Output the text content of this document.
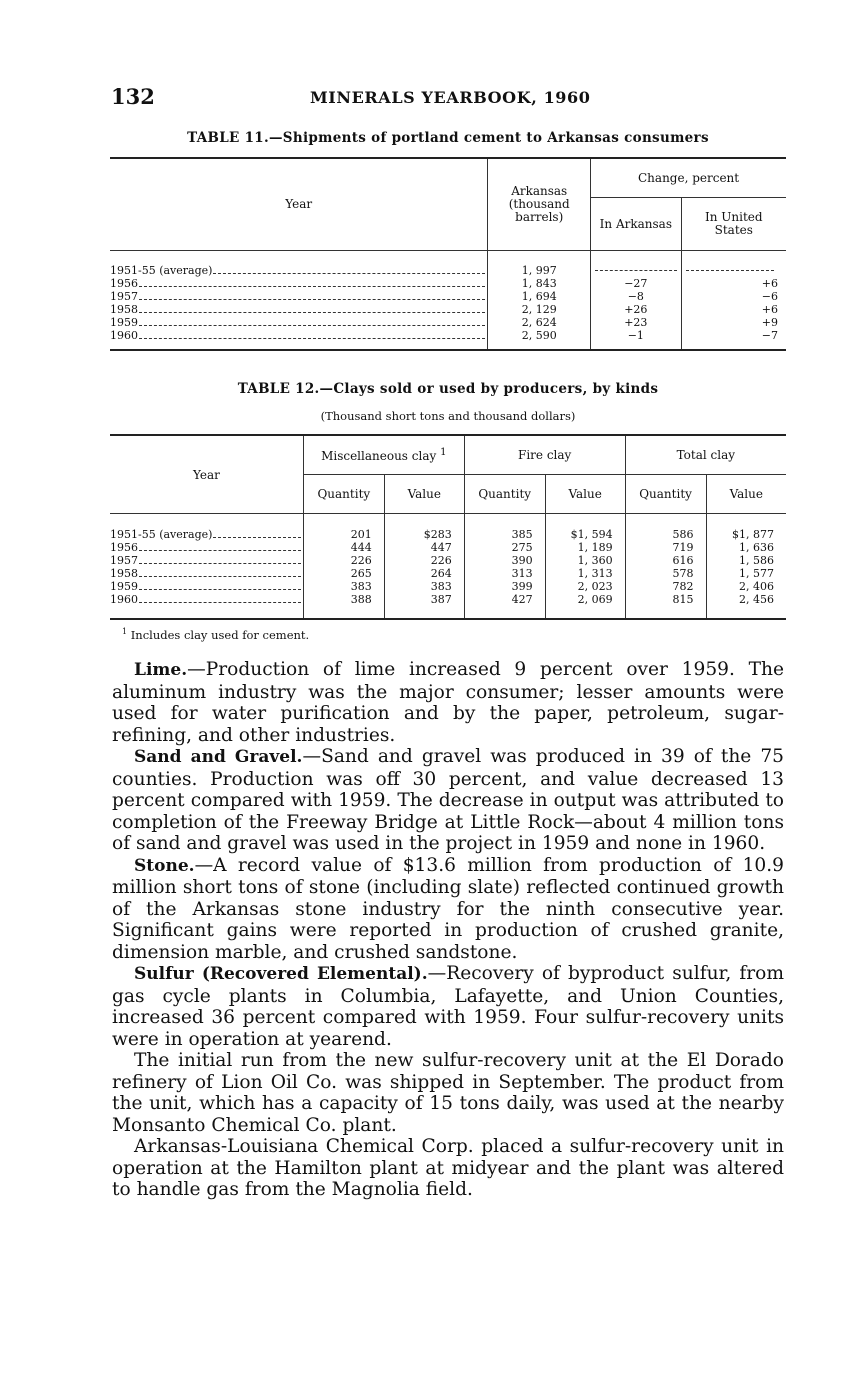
132	MINERALS YEARBOOK, 1960
TABLE 11.—Shipments of portland cement to Arkansas consumers
Year	Arkansas (thousand barrels)	Change, percent	
		In Arkansas	In United States

1951-55 (average)	1, 997	

1956	1, 843	−27	+6

1957	1, 694	−8	−6

1958	2, 129	+26	+6

1959	2, 624	+23	+9

1960	2, 590	−1	−7
TABLE 12.—Clays sold or used by producers, by kinds
(Thousand short tons and thousand dollars)
Year	Miscellaneous clay $^1$		Fire clay		Total clay	
	Quantity	Value	Quantity	Value	Quantity	Value

1951-55 (average)	201	$283	385	$1, 594	586	$1, 877

1956	444	447	275	1, 189	719	1, 636

1957	226	226	390	1, 360	616	1, 586

1958	265	264	313	1, 313	578	1, 577

1959	383	383	399	2, 023	782	2, 406

1960	388	387	427	2, 069	815	2, 456
$^1$ Includes clay used for cement.

Lime.—Production of lime increased 9 percent over 1959. The aluminum industry was the major consumer; lesser amounts were used for water purification and by the paper, petroleum, sugar-refining, and other industries.

Sand and Gravel.—Sand and gravel was produced in 39 of the 75 counties. Production was off 30 percent, and value decreased 13 percent compared with 1959. The decrease in output was attributed to completion of the Freeway Bridge at Little Rock—about 4 million tons of sand and gravel was used in the project in 1959 and none in 1960.

Stone.—A record value of $13.6 million from production of 10.9 million short tons of stone (including slate) reflected continued growth of the Arkansas stone industry for the ninth consecutive year. Significant gains were reported in production of crushed granite, dimension marble, and crushed sandstone.

Sulfur (Recovered Elemental).—Recovery of byproduct sulfur, from gas cycle plants in Columbia, Lafayette, and Union Counties, increased 36 percent compared with 1959. Four sulfur-recovery units were in operation at yearend.

The initial run from the new sulfur-recovery unit at the El Dorado refinery of Lion Oil Co. was shipped in September. The product from the unit, which has a capacity of 15 tons daily, was used at the nearby Monsanto Chemical Co. plant.

Arkansas-Louisiana Chemical Corp. placed a sulfur-recovery unit in operation at the Hamilton plant at midyear and the plant was altered to handle gas from the Magnolia field.
